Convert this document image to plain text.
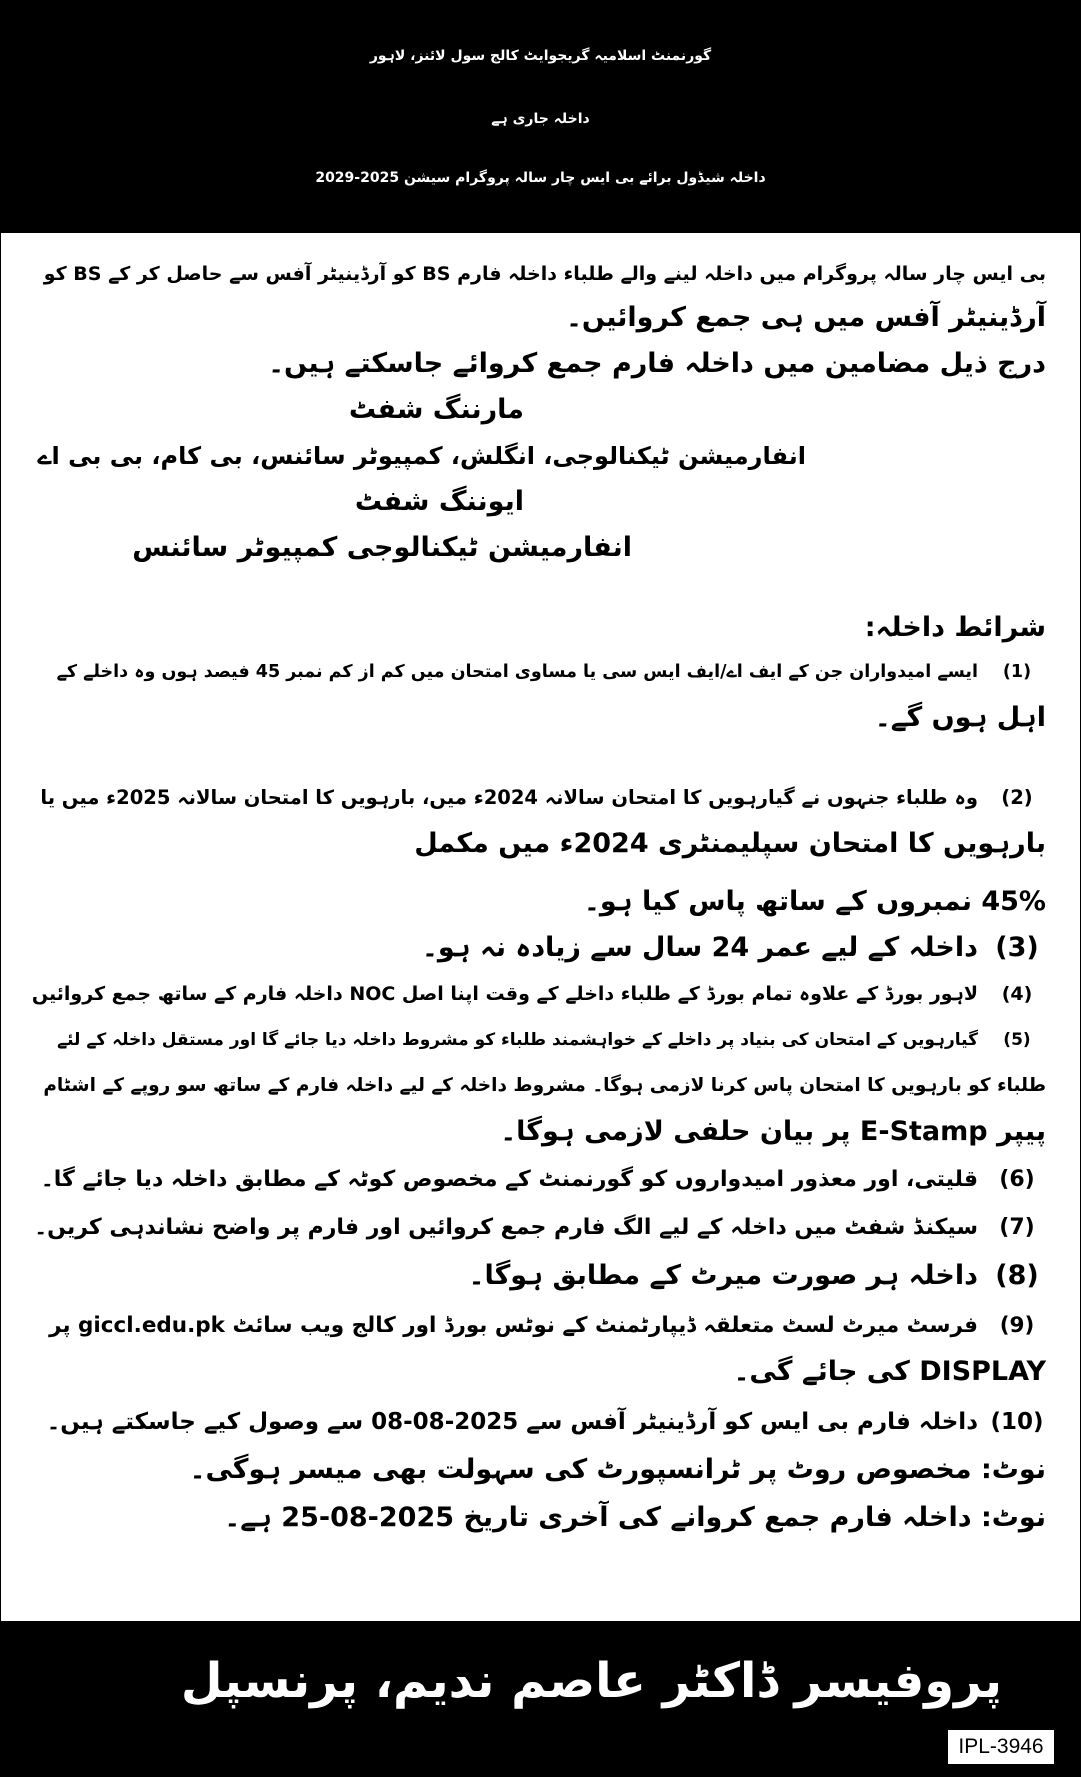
گورنمنٹ اسلامیہ گریجوایٹ کالج سول لائنز، لاہور
داخلہ جاری ہے
داخلہ شیڈول برائے بی ایس چار سالہ پروگرام سیشن 2025-2029
بی ایس چار سالہ پروگرام میں داخلہ لینے والے طلباء داخلہ فارم BS کو آرڈینیٹر آفس سے حاصل کر کے BS کو
آرڈینیٹر آفس میں ہی جمع کروائیں۔
درج ذیل مضامین میں داخلہ فارم جمع کروائے جاسکتے ہیں۔
مارننگ شفٹ
انفارمیشن ٹیکنالوجی، انگلش، کمپیوٹر سائنس، بی کام، بی بی اے
ایوننگ شفٹ
انفارمیشن ٹیکنالوجی کمپیوٹر سائنس
شرائط داخلہ:
(1)ایسے امیدواران جن کے ایف اے/ایف ایس سی یا مساوی امتحان میں کم از کم نمبر 45 فیصد ہوں وہ داخلے کے
اہل ہوں گے۔
(2)وہ طلباء جنہوں نے گیارہویں کا امتحان سالانہ 2024ء میں، بارہویں کا امتحان سالانہ 2025ء میں یا
بارہویں کا امتحان سپلیمنٹری 2024ء میں مکمل
45% نمبروں کے ساتھ پاس کیا ہو۔
(3)داخلہ کے لیے عمر 24 سال سے زیادہ نہ ہو۔
(4)لاہور بورڈ کے علاوہ تمام بورڈ کے طلباء داخلے کے وقت اپنا اصل NOC داخلہ فارم کے ساتھ جمع کروائیں
(5)گیارہویں کے امتحان کی بنیاد پر داخلے کے خواہشمند طلباء کو مشروط داخلہ دیا جائے گا اور مستقل داخلہ کے لئے
طلباء کو بارہویں کا امتحان پاس کرنا لازمی ہوگا۔ مشروط داخلہ کے لیے داخلہ فارم کے ساتھ سو روپے کے اشٹام
پیپر E-Stamp پر بیان حلفی لازمی ہوگا۔
(6)قلیتی، اور معذور امیدواروں کو گورنمنٹ کے مخصوص کوٹہ کے مطابق داخلہ دیا جائے گا۔
(7)سیکنڈ شفٹ میں داخلہ کے لیے الگ فارم جمع کروائیں اور فارم پر واضح نشاندہی کریں۔
(8)داخلہ ہر صورت میرٹ کے مطابق ہوگا۔
(9)فرسٹ میرٹ لسٹ متعلقہ ڈیپارٹمنٹ کے نوٹس بورڈ اور کالج ویب سائٹ giccl.edu.pk پر
DISPLAY کی جائے گی۔
(10)داخلہ فارم بی ایس کو آرڈینیٹر آفس سے 2025-08-08 سے وصول کیے جاسکتے ہیں۔
نوٹ: مخصوص روٹ پر ٹرانسپورٹ کی سہولت بھی میسر ہوگی۔
نوٹ: داخلہ فارم جمع کروانے کی آخری تاریخ 2025-08-25 ہے۔
پروفیسر ڈاکٹر عاصم ندیم، پرنسپل
IPL-3946
